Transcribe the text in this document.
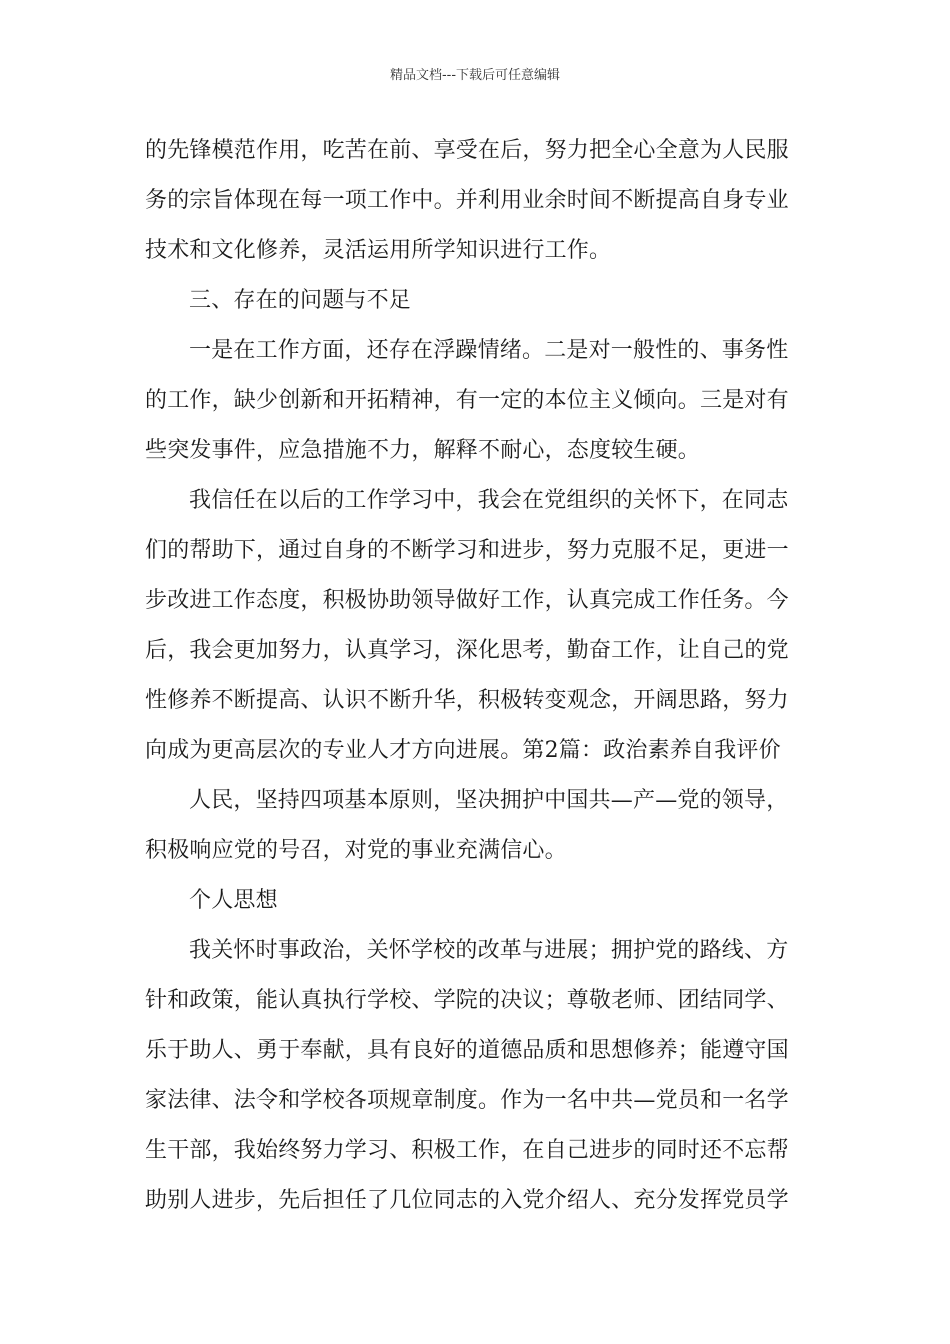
精品文档---下载后可任意编辑
的先锋模范作用，吃苦在前、享受在后，努力把全心全意为人民服
务的宗旨体现在每一项工作中。并利用业余时间不断提高自身专业
技术和文化修养，灵活运用所学知识进行工作。
三、存在的问题与不足
一是在工作方面，还存在浮躁情绪。二是对一般性的、事务性
的工作，缺少创新和开拓精神，有一定的本位主义倾向。三是对有
些突发事件，应急措施不力，解释不耐心，态度较生硬。
我信任在以后的工作学习中，我会在党组织的关怀下，在同志
们的帮助下，通过自身的不断学习和进步，努力克服不足，更进一
步改进工作态度，积极协助领导做好工作，认真完成工作任务。今
后，我会更加努力，认真学习，深化思考，勤奋工作，让自己的党
性修养不断提高、认识不断升华，积极转变观念，开阔思路，努力
向成为更高层次的专业人才方向进展。第2篇：政治素养自我评价
人民，坚持四项基本原则，坚决拥护中国共—产—党的领导，
积极响应党的号召，对党的事业充满信心。
个人思想
我关怀时事政治，关怀学校的改革与进展；拥护党的路线、方
针和政策，能认真执行学校、学院的决议；尊敬老师、团结同学、
乐于助人、勇于奉献，具有良好的道德品质和思想修养；能遵守国
家法律、法令和学校各项规章制度。作为一名中共—党员和一名学
生干部，我始终努力学习、积极工作，在自己进步的同时还不忘帮
助别人进步，先后担任了几位同志的入党介绍人、充分发挥党员学
